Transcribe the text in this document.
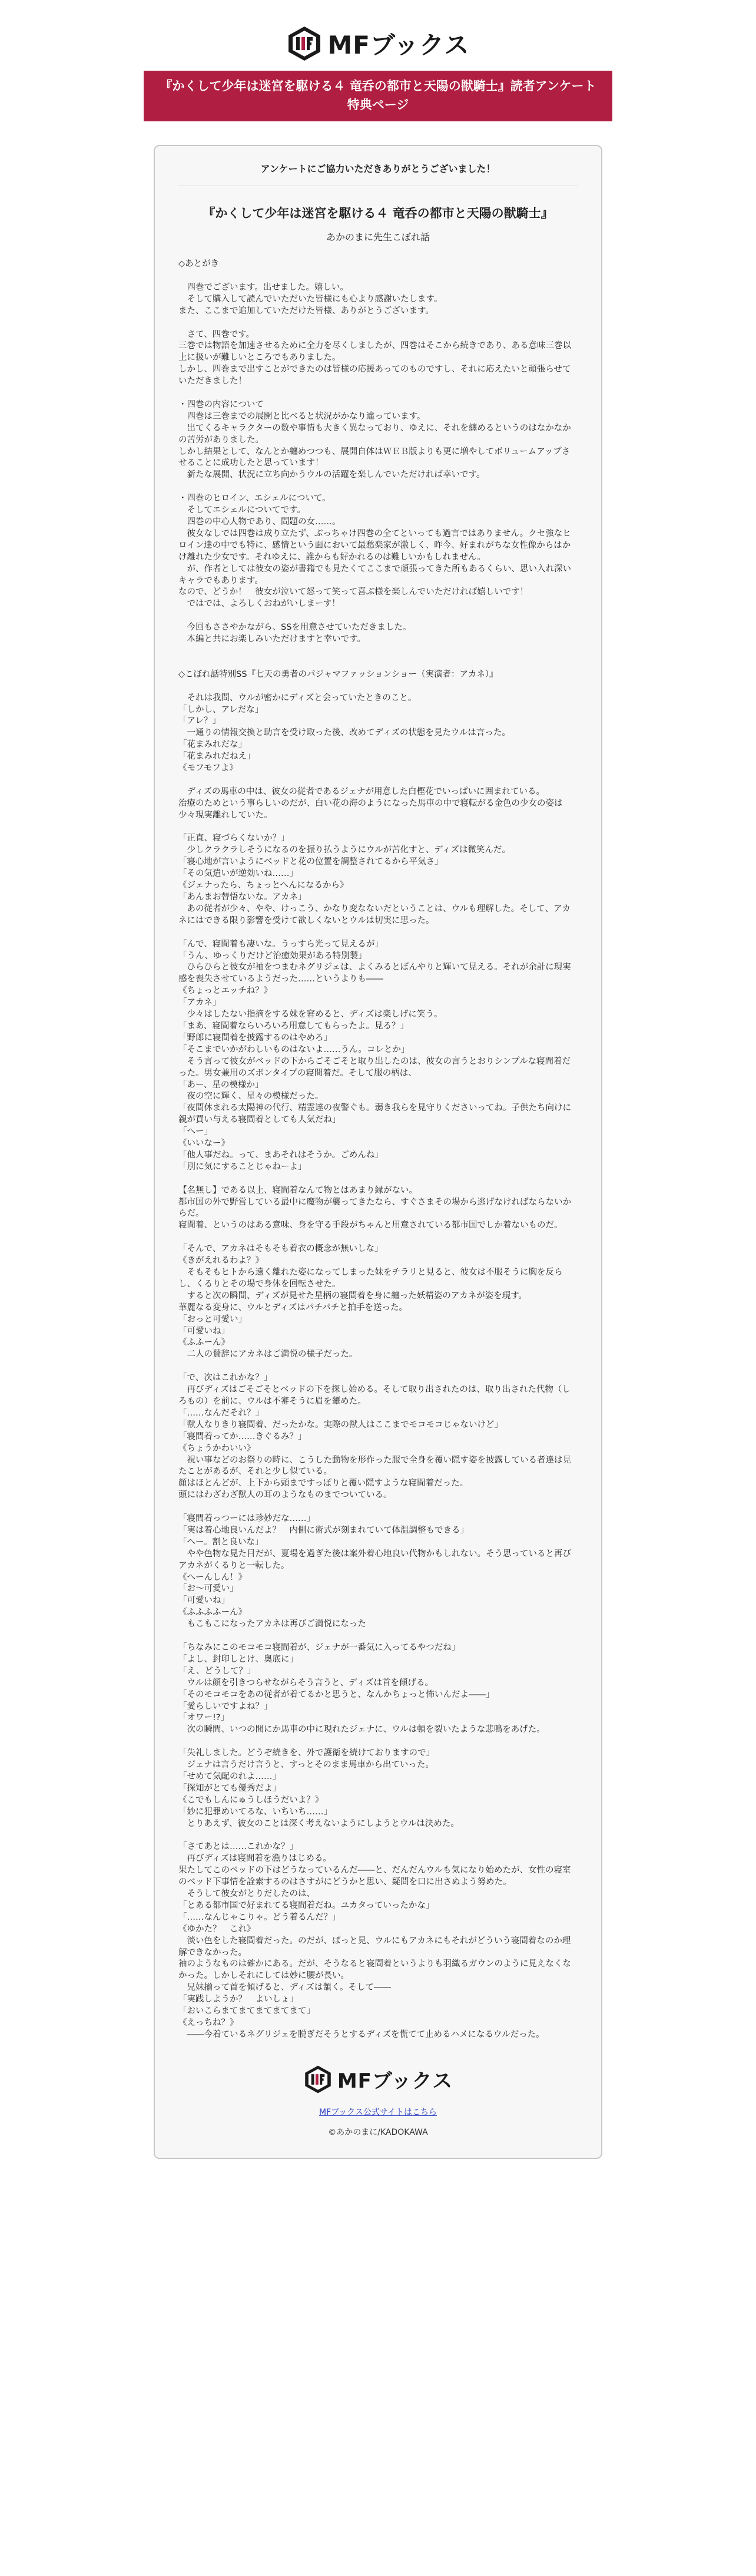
MFブックス
『かくして少年は迷宮を駆ける４ 竜呑の都市と天陽の獣騎士』読者アンケート 特典ページ
アンケートにご協力いただきありがとうございました！
『かくして少年は迷宮を駆ける４ 竜呑の都市と天陽の獣騎士』
あかのまに先生こぼれ話
◇あとがき

　四巻でございます。出せました。嬉しい。
　そして購入して読んでいただいた皆様にも心より感謝いたします。
また、ここまで追加していただけた皆様、ありがとうございます。

　さて、四巻です。
三巻では物語を加速させるために全力を尽くしましたが、四巻はそこから続きであり、ある意味三巻以上に扱いが難しいところでもありました。
しかし、四巻まで出すことができたのは皆様の応援あってのものですし、それに応えたいと頑張らせていただきました！

・四巻の内容について
　四巻は三巻までの展開と比べると状況がかなり違っています。
　出てくるキャラクターの数や事情も大きく異なっており、ゆえに、それを纏めるというのはなかなかの苦労がありました。
しかし結果として、なんとか纏めつつも、展開自体はＷＥＢ版よりも更に増やしてボリュームアップさせることに成功したと思っています！
　新たな展開、状況に立ち向かうウルの活躍を楽しんでいただければ幸いです。

・四巻のヒロイン、エシェルについて。
　そしてエシェルについてです。
　四巻の中心人物であり、問題の女……。
　彼女なしでは四巻は成り立たず、ぶっちゃけ四巻の全てといっても過言ではありません。クセ強なヒロイン達の中でも特に、感情という面において最愁楽家が激しく、昨今、好まれがちな女性像からはかけ離れた少女です。それゆえに、誰からも好かれるのは難しいかもしれません。
　が、作者としては彼女の姿が書籍でも見たくてここまで頑張ってきた所もあるくらい、思い入れ深いキャラでもあります。
なので、どうか！　彼女が泣いて怒って笑って喜ぶ様を楽しんでいただければ嬉しいです！
　ではでは、よろしくおねがいしまーす！

　今回もささやかながら、SSを用意させていただきました。
　本編と共にお楽しみいただけますと幸いです。

◇こぼれ話特別SS『七天の勇者のパジャマファッションショー（実演者：アカネ）』

　それは我問、ウルが密かにディズと会っていたときのこと。
「しかし、アレだな」
「アレ？」
　一通りの情報交換と助言を受け取った後、改めてディズの状態を見たウルは言った。
「花まみれだな」
「花まみれだねえ」
《モフモフよ》

　ディズの馬車の中は、彼女の従者であるジェナが用意した白樫花でいっぱいに囲まれている。
治療のためという事らしいのだが、白い花の海のようになった馬車の中で寝転がる金色の少女の姿は少々現実離れしていた。

「正直、寝づらくないか？」
　少しクラクラしそうになるのを振り払うようにウルが苦化すと、ディズは微笑んだ。
「寝心地が言いようにベッドと花の位置を調整されてるから平気さ」
「その気遣いが逆効いね……」
《ジェナったら、ちょっとへんになるから》
「あんまお替悟ないな。アカネ」
　あの従者が少々、やや、けっこう、かなり変なないだということは、ウルも理解した。そして、アカネにはできる限り影響を受けて欲しくないとウルは切実に思った。

「んで、寝間着も凄いな。うっすら光って見えるが」
「うん、ゆっくりだけど治癒効果がある特別製」
　ひらひらと彼女が袖をつまむネグリジェは、よくみるとぼんやりと輝いて見える。それが余計に現実感を喪失させているようだった……というよりも――
《ちょっとエッチね？》
「アカネ」
　少々はしたない指摘をする妹を窘めると、ディズは楽しげに笑う。
「まあ、寝間着ならいろいろ用意してもらったよ。見る？」
「野郎に寝間着を披露するのはやめろ」
「そこまでいかがわしいものはないよ……うん。コレとか」
　そう言って彼女がベッドの下からごそごそと取り出したのは、彼女の言うとおりシンプルな寝間着だった。男女兼用のズボンタイプの寝間着だ。そして服の柄は、
「あー、星の模様か」
　夜の空に輝く、星々の模様だった。
「夜間休まれる太陽神の代行、精霊達の夜警ぐも。弱き我らを見守りくださいってね。子供たち向けに親が買い与える寝間着としても人気だね」
「へー」
《いいなー》
「他人事だね。って、まあそれはそうか。ごめんね」
「別に気にすることじゃねーよ」

【名無し】である以上、寝間着なんて物とはあまり縁がない。
都市国の外で野営している最中に魔物が襲ってきたなら、すぐさまその場から逃げなければならないからだ。
寝間着、というのはある意味、身を守る手段がちゃんと用意されている都市国でしか着ないものだ。

「そんで、アカネはそもそも着衣の概念が無いしな」
《きがえれるわよ？》
　そもそもヒトから遠く離れた姿になってしまった妹をチラリと見ると、彼女は不服そうに胸を反らし、くるりとその場で身体を回転させた。
　すると次の瞬間、ディズが見せた星柄の寝間着を身に纏った妖精姿のアカネが姿を現す。
華麗なる変身に、ウルとディズはパチパチと拍手を送った。
「おっと可愛い」
「可愛いね」
《ふふーん》
　二人の賛辞にアカネはご満悦の様子だった。

「で、次はこれかな？」
　再びディズはごそごそとベッドの下を探し始める。そして取り出されたのは、取り出された代物（しろもの）を前に、ウルは不審そうに眉を顰めた。
「……なんだそれ？」
「獣人なりきり寝間着、だったかな。実際の獣人はここまでモコモコじゃないけど」
「寝間着ってか……きぐるみ？」
《ちょうかわいい》
　祝い事などのお祭りの時に、こうした動物を形作った服で全身を覆い隠す姿を披露している者達は見たことがあるが、それと少し似ている。
顔はほとんどが、上下から頭まですっぽりと覆い隠すような寝間着だった。
頭にはわざわざ獣人の耳のようなものまでついている。

「寝間着っつーには珍妙だな……」
「実は着心地良いんだよ？　内側に術式が刻まれていて体温調整もできる」
「へー。割と良いな」
　やや色物な見た目だが、夏場を過ぎた後は案外着心地良い代物かもしれない。そう思っていると再びアカネがくるりと一転した。
《へーんしん！》
「お～可愛い」
「可愛いね」
《ふふふふーん》
　もこもこになったアカネは再びご満悦になった

「ちなみにこのモコモコ寝間着が、ジェナが一番気に入ってるやつだね」
「よし、封印しとけ、奥底に」
「え、どうして？」
　ウルは顔を引きつらせながらそう言うと、ディズは首を傾げる。
「そのモコモコをあの従者が着てるかと思うと、なんかちょっと怖いんだよ――」
「愛らしいですよね？」
「オワー!?」
　次の瞬間、いつの間にか馬車の中に現れたジェナに、ウルは頓を裂いたような悲鳴をあげた。

「失礼しました。どうぞ続きを、外で護衛を続けておりますので」
　ジェナは言うだけ言うと、すっとそのまま馬車から出ていった。
「せめて気配のれよ……」
「探知がとても優秀だよ」
《こでもしんにゅうしほうだいよ？》
「妙に犯罪めいてるな、いちいち……」
　とりあえず、彼女のことは深く考えないようにしようとウルは決めた。

「さてあとは……これかな？」
　再びディズは寝間着を漁りはじめる。
果たしてこのベッドの下はどうなっているんだ――と、だんだんウルも気になり始めたが、女性の寝室のベッド下事情を詮索するのはさすがにどうかと思い、疑問を口に出さぬよう努めた。
　そうして彼女がとりだしたのは、
「とある都市国で好まれてる寝間着だね。ユカタっていったかな」
「……なんじゃこりゃ。どう着るんだ？」
《ゆかた？　これ》
　淡い色をした寝間着だった。のだが、ぱっと見、ウルにもアカネにもそれがどういう寝間着なのか理解できなかった。
袖のようなものは確かにある。だが、そうなると寝間着というよりも羽織るガウンのように見えなくなかった。しかしそれにしては妙に腰が長い。
　兄妹揃って首を傾げると、ディズは頷く。そして――
「実践しようか？　よいしょ」
「おいこらまてまてまてまてまて」
《えっちね？》
　――今着ているネグリジェを脱ぎだそうとするディズを慌てて止めるハメになるウルだった。
MFブックス
MFブックス公式サイトはこちら
©あかのまに/KADOKAWA
